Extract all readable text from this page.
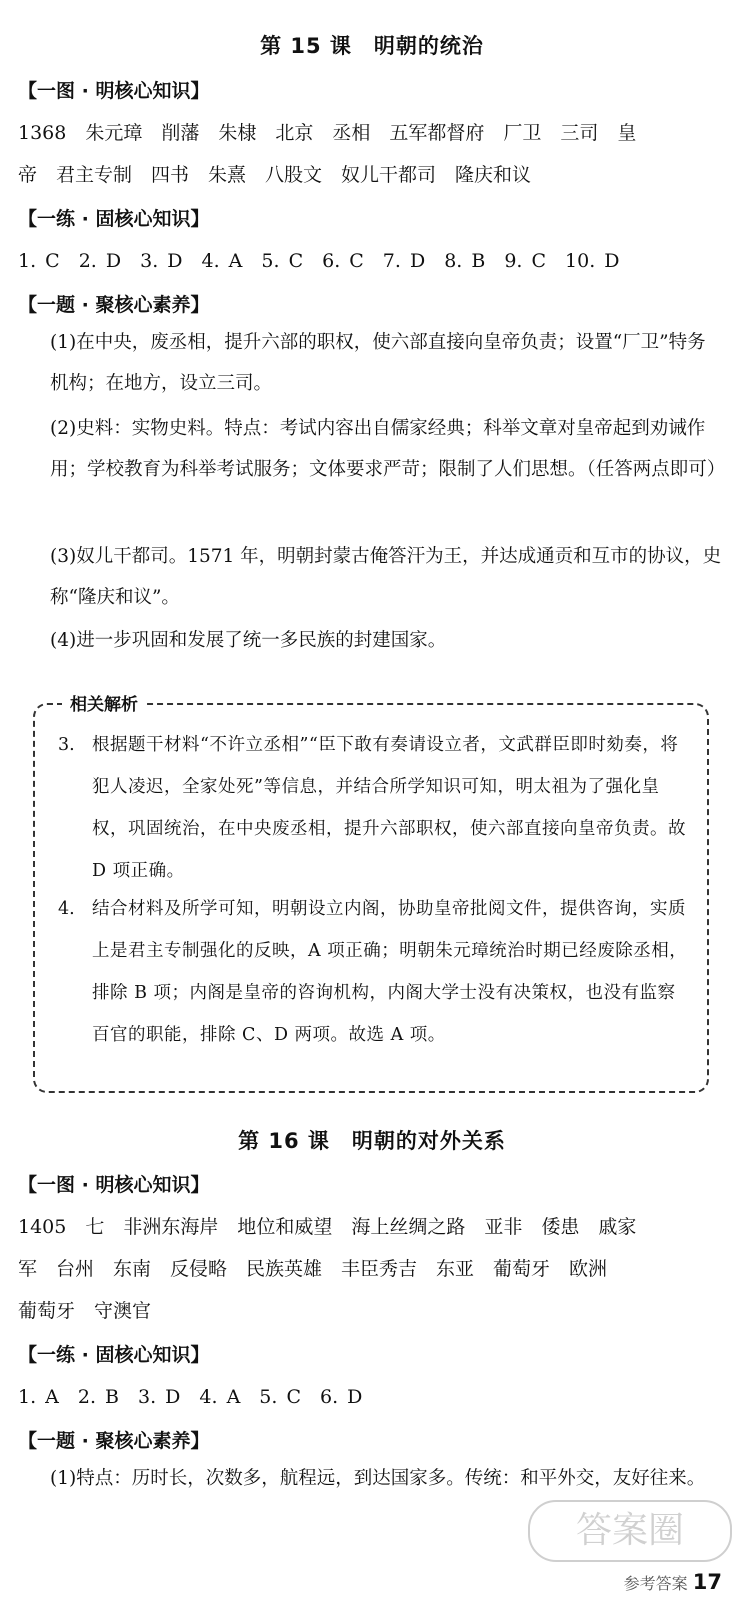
第 15 课　明朝的统治
【一图 · 明核心知识】
1368　朱元璋　削藩　朱棣　北京　丞相　五军都督府　厂卫　三司　皇
帝　君主专制　四书　朱熹　八股文　奴儿干都司　隆庆和议
【一练 · 固核心知识】
1. C　2. D　3. D　4. A　5. C　6. C　7. D　8. B　9. C　10. D
【一题 · 聚核心素养】
(1)在中央，废丞相，提升六部的职权，使六部直接向皇帝负责；设置“厂卫”特务机构；在地方，设立三司。
(2)史料：实物史料。特点：考试内容出自儒家经典；科举文章对皇帝起到劝诫作用；学校教育为科举考试服务；文体要求严苛；限制了人们思想。（任答两点即可）
(3)奴儿干都司。1571 年，明朝封蒙古俺答汗为王，并达成通贡和互市的协议，史称“隆庆和议”。
(4)进一步巩固和发展了统一多民族的封建国家。
相关解析
3. 根据题干材料“不许立丞相”“臣下敢有奏请设立者，文武群臣即时劾奏，将犯人凌迟，全家处死”等信息，并结合所学知识可知，明太祖为了强化皇权，巩固统治，在中央废丞相，提升六部职权，使六部直接向皇帝负责。故 D 项正确。
4. 结合材料及所学可知，明朝设立内阁，协助皇帝批阅文件，提供咨询，实质上是君主专制强化的反映，A 项正确；明朝朱元璋统治时期已经废除丞相，排除 B 项；内阁是皇帝的咨询机构，内阁大学士没有决策权，也没有监察百官的职能，排除 C、D 两项。故选 A 项。
第 16 课　明朝的对外关系
【一图 · 明核心知识】
1405　七　非洲东海岸　地位和威望　海上丝绸之路　亚非　倭患　戚家
军　台州　东南　反侵略　民族英雄　丰臣秀吉　东亚　葡萄牙　欧洲
葡萄牙　守澳官
【一练 · 固核心知识】
1. A　2. B　3. D　4. A　5. C　6. D
【一题 · 聚核心素养】
(1)特点：历时长，次数多，航程远，到达国家多。传统：和平外交，友好往来。
答案圈
参考答案 17
